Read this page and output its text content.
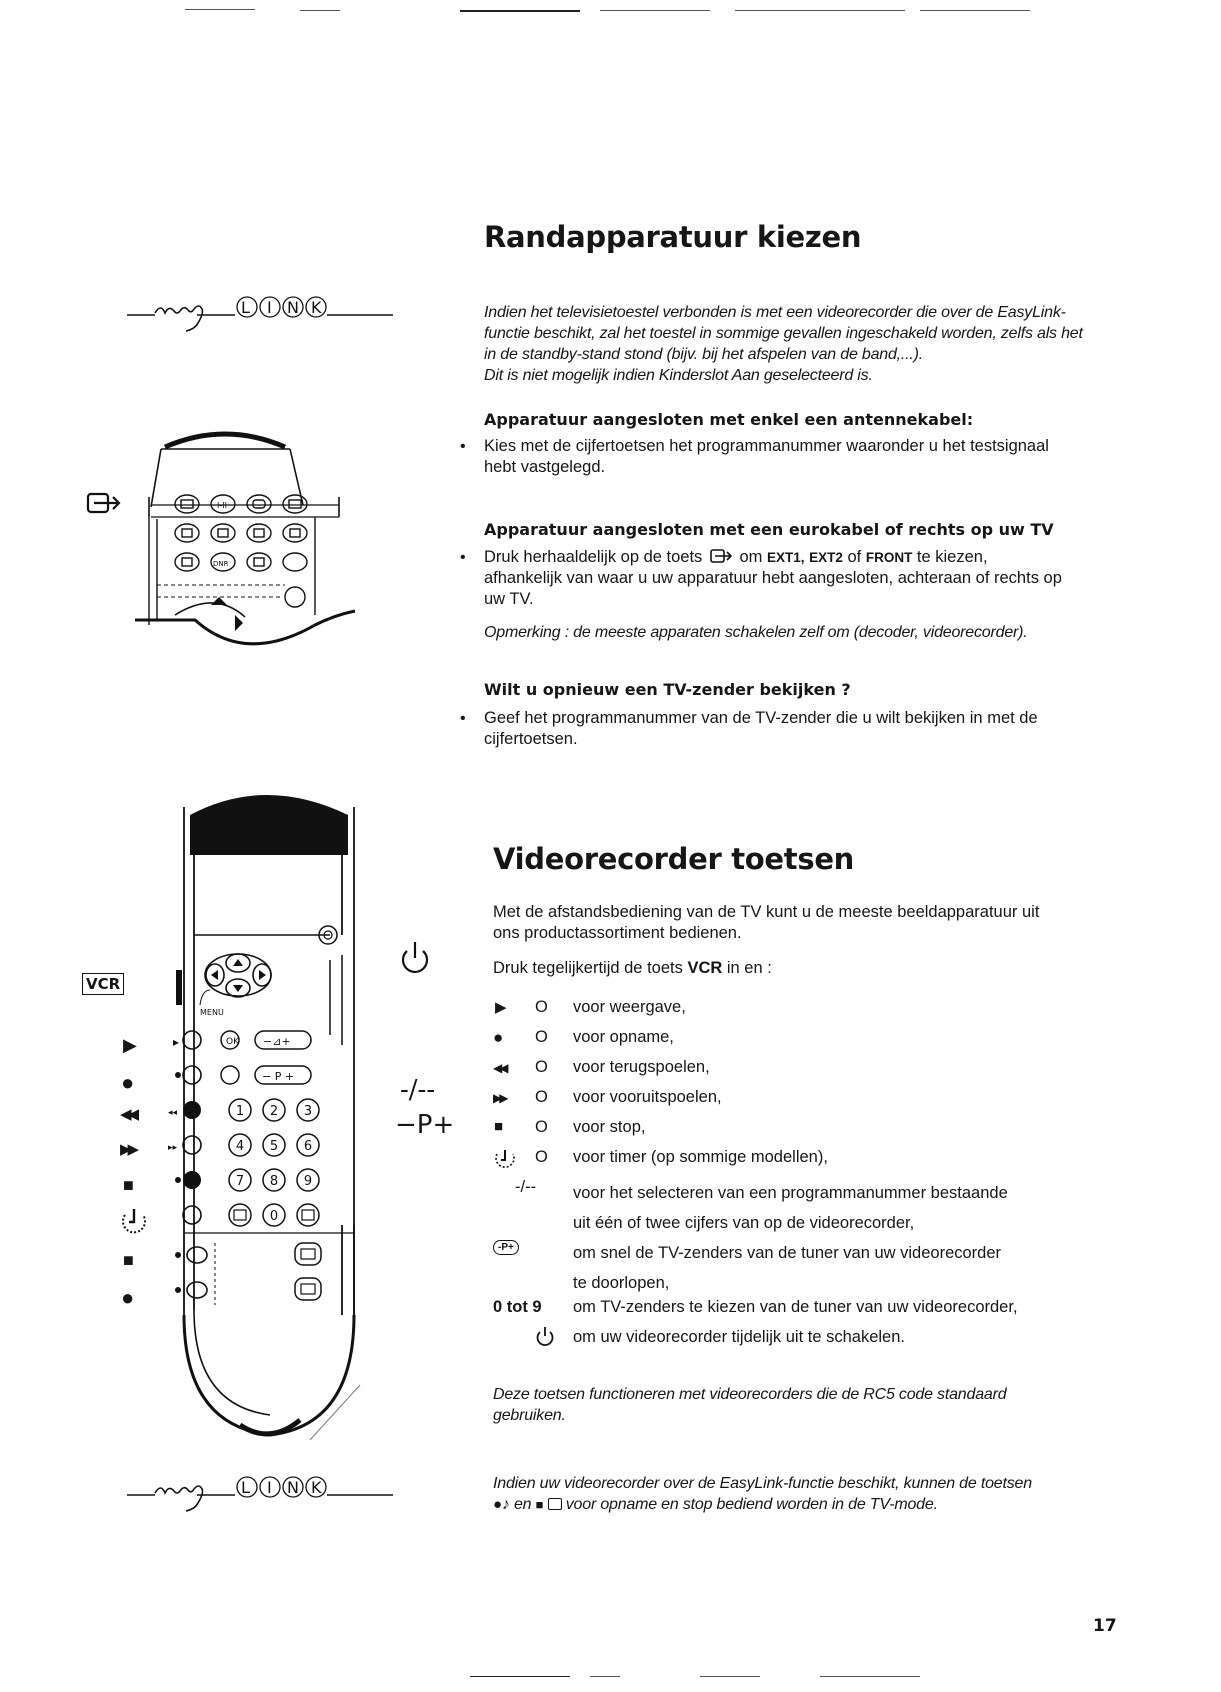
Randapparatuur kiezen
L I N K
easy LINK
Indien het televisietoestel verbonden is met een videorecorder die over de EasyLink-
functie beschikt, zal het toestel in sommige gevallen ingeschakeld worden, zelfs als het
in de standby-stand stond (bijv. bij het afspelen van de band,...).
Dit is niet mogelijk indien Kinderslot Aan geselecteerd is.
Apparatuur aangesloten met enkel een antennekabel:
• Kies met de cijfertoetsen het programmanummer waaronder u het testsignaal
hebt vastgelegd.
Apparatuur aangesloten met een eurokabel of rechts op uw TV
• Druk herhaaldelijk op de toets om EXT1, EXT2 of FRONT te kiezen,
afhankelijk van waar u uw apparatuur hebt aangesloten, achteraan of rechts op
uw TV.
Opmerking : de meeste apparaten schakelen zelf om (decoder, videorecorder).
Wilt u opnieuw een TV-zender bekijken ?
• Geef het programmanummer van de TV-zender die u wilt bekijken in met de
cijfertoetsen.
I-II
DNR
Videorecorder toetsen
Met de afstandsbediening van de TV kunt u de meeste beeldapparatuur uit
ons productassortiment bedienen.
Druk tegelijkertijd de toets VCR in en :
▶ O voor weergave,
● O voor opname,
◀◀ O voor terugspoelen,
▶▶ O voor vooruitspoelen,
■ O voor stop,
O voor timer (op sommige modellen),
-/-- voor het selecteren van een programmanummer bestaande
uit één of twee cijfers van op de videorecorder,
-P+	om snel de TV-zenders van de tuner van uw videorecorder
te doorlopen,
0 tot 9 om TV-zenders te kiezen van de tuner van uw videorecorder,
om uw videorecorder tijdelijk uit te schakelen.
Deze toetsen functioneren met videorecorders die de RC5 code standaard
gebruiken.
Indien uw videorecorder over de EasyLink-functie beschikt, kunnen de toetsen
●♪ en ■ voor opname en stop bediend worden in de TV-mode.
VCR
▶
●
◀◀
▶▶
■
■
●
-/--
−P+
MENU
OK −⊿+
− P +
▸
◂◂
▸▸
1 2 3
4 5 6
7 8 9
0
L I N K
17
